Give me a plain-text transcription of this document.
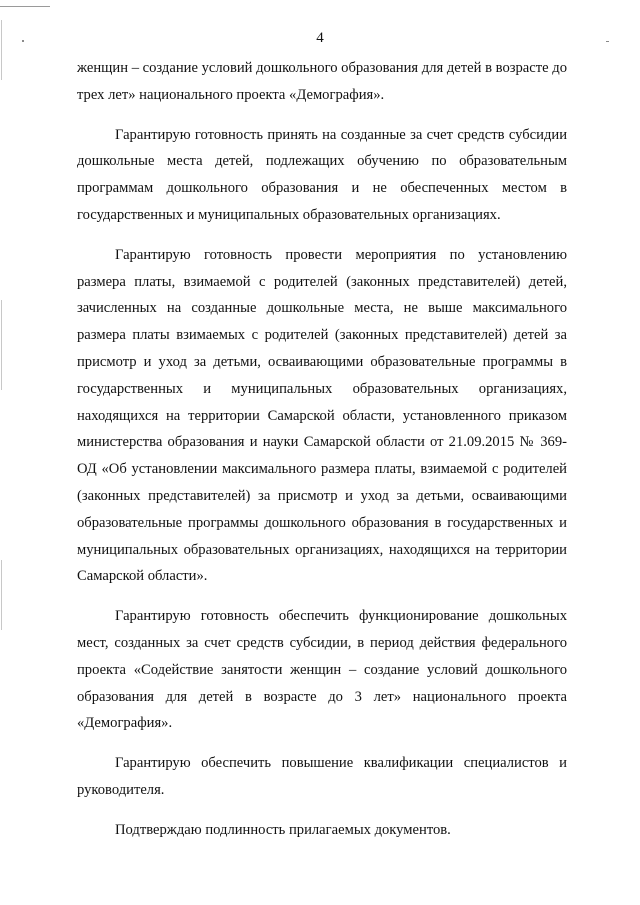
4

женщин – создание условий дошкольного образования для детей в возрасте до трех лет» национального проекта «Демография».

Гарантирую готовность принять на созданные за счет средств субсидии дошкольные места детей, подлежащих обучению по образовательным программам дошкольного образования и не обеспеченных местом в государственных и муниципальных образовательных организациях.

Гарантирую готовность провести мероприятия по установлению размера платы, взимаемой с родителей (законных представителей) детей, зачисленных на созданные дошкольные места, не выше максимального размера платы взимаемых с родителей (законных представителей) детей за присмотр и уход за детьми, осваивающими образовательные программы в государственных и муниципальных образовательных организациях, находящихся на территории Самарской области, установленного приказом министерства образования и науки Самарской области от 21.09.2015 № 369-ОД «Об установлении максимального размера платы, взимаемой с родителей (законных представителей) за присмотр и уход за детьми, осваивающими образовательные программы дошкольного образования в государственных и муниципальных образовательных организациях, находящихся на территории Самарской области».

Гарантирую готовность обеспечить функционирование дошкольных мест, созданных за счет средств субсидии, в период действия федерального проекта «Содействие занятости женщин – создание условий дошкольного образования для детей в возрасте до 3 лет» национального проекта «Демография».

Гарантирую обеспечить повышение квалификации специалистов и руководителя.

Подтверждаю подлинность прилагаемых документов.
